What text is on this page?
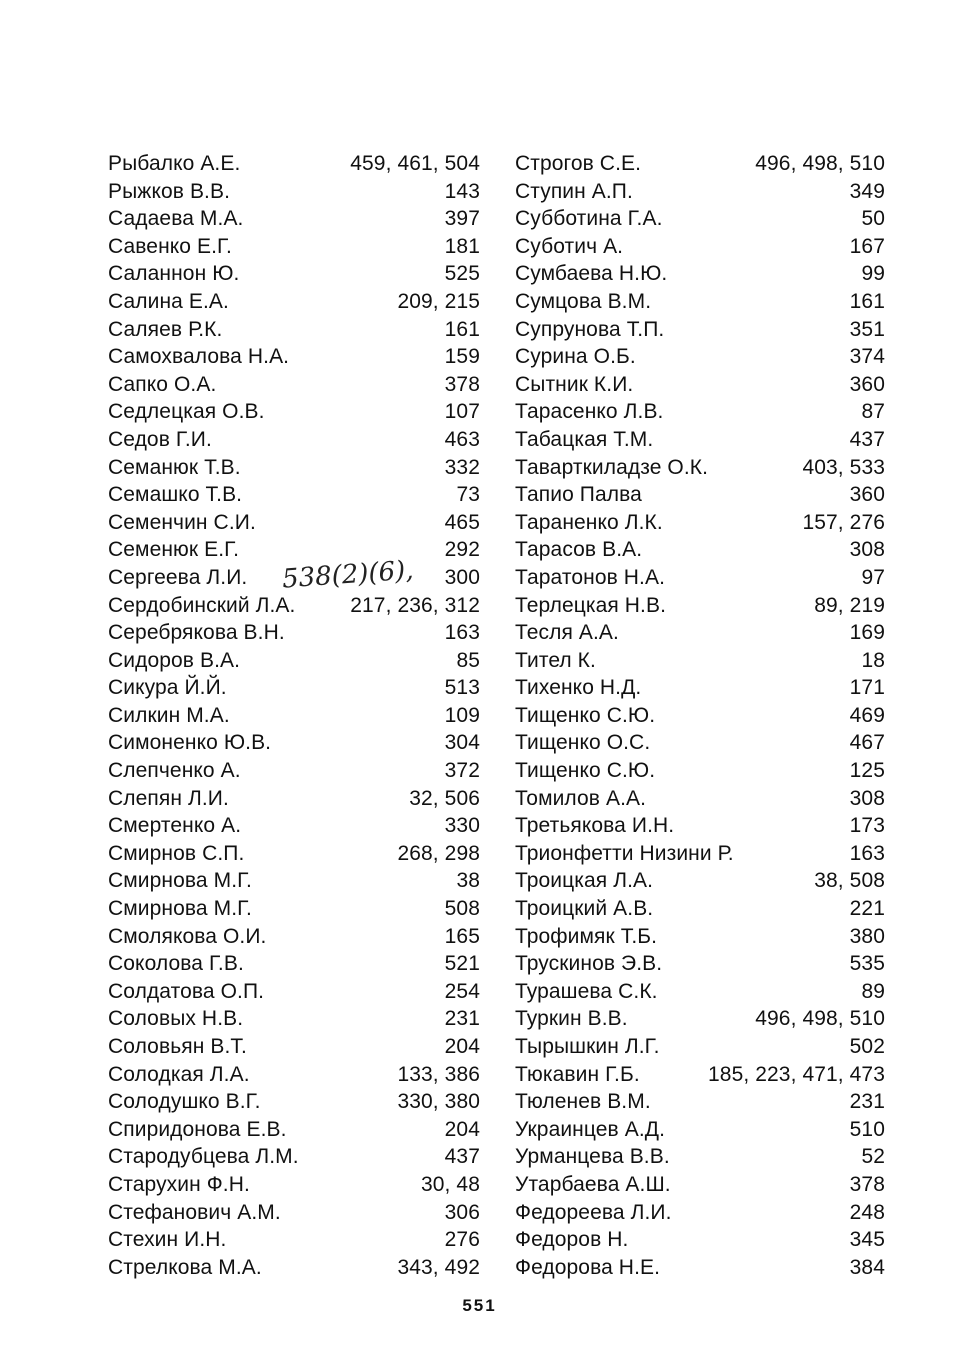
Рыбалко А.Е.	459, 461, 504
Рыжков В.В.	143
Садаева М.А.	397
Савенко Е.Г.	181
Саланнон Ю.	525
Салина Е.А.	209, 215
Саляев Р.К.	161
Самохвалова Н.А.	159
Сапко О.А.	378
Седлецкая О.В.	107
Седов Г.И.	463
Семанюк Т.В.	332
Семашко Т.В.	73
Семенчин С.И.	465
Семенюк Е.Г.	292
Сергеева Л.И.	300
Сердобинский Л.А.	217, 236, 312
Серебрякова В.Н.	163
Сидоров В.А.	85
Сикура Й.Й.	513
Силкин М.А.	109
Симоненко Ю.В.	304
Слепченко А.	372
Слепян Л.И.	32, 506
Смертенко А.	330
Смирнов С.П.	268, 298
Смирнова М.Г.	38
Смирнова М.Г.	508
Смолякова О.И.	165
Соколова Г.В.	521
Солдатова О.П.	254
Соловых Н.В.	231
Соловьян В.Т.	204
Солодкая Л.А.	133, 386
Солодушко В.Г.	330, 380
Спиридонова Е.В.	204
Стародубцева Л.М.	437
Старухин Ф.Н.	30, 48
Стефанович А.М.	306
Стехин И.Н.	276
Стрелкова М.А.	343, 492
Строгов С.Е.	496, 498, 510
Ступин А.П.	349
Субботина Г.А.	50
Суботич А.	167
Сумбаева Н.Ю.	99
Сумцова В.М.	161
Супрунова Т.П.	351
Сурина О.Б.	374
Сытник К.И.	360
Тарасенко Л.В.	87
Табацкая Т.М.	437
Таварткиладзе О.К.	403, 533
Тапио Палва	360
Тараненко Л.К.	157, 276
Тарасов В.А.	308
Таратонов Н.А.	97
Терлецкая Н.В.	89, 219
Тесля А.А.	169
Тител К.	18
Тихенко Н.Д.	171
Тищенко С.Ю.	469
Тищенко О.С.	467
Тищенко С.Ю.	125
Томилов А.А.	308
Третьякова И.Н.	173
Трионфетти Низини Р.	163
Троицкая Л.А.	38, 508
Троицкий А.В.	221
Трофимяк Т.Б.	380
Трускинов Э.В.	535
Турашева С.К.	89
Туркин В.В.	496, 498, 510
Тырышкин Л.Г.	502
Тюкавин Г.Б.	185, 223, 471, 473
Тюленев В.М.	231
Украинцев А.Д.	510
Урманцева В.В.	52
Утарбаева А.Ш.	378
Федореева Л.И.	248
Федоров Н.	345
Федорова Н.Е.	384
538(2)(6),
551
